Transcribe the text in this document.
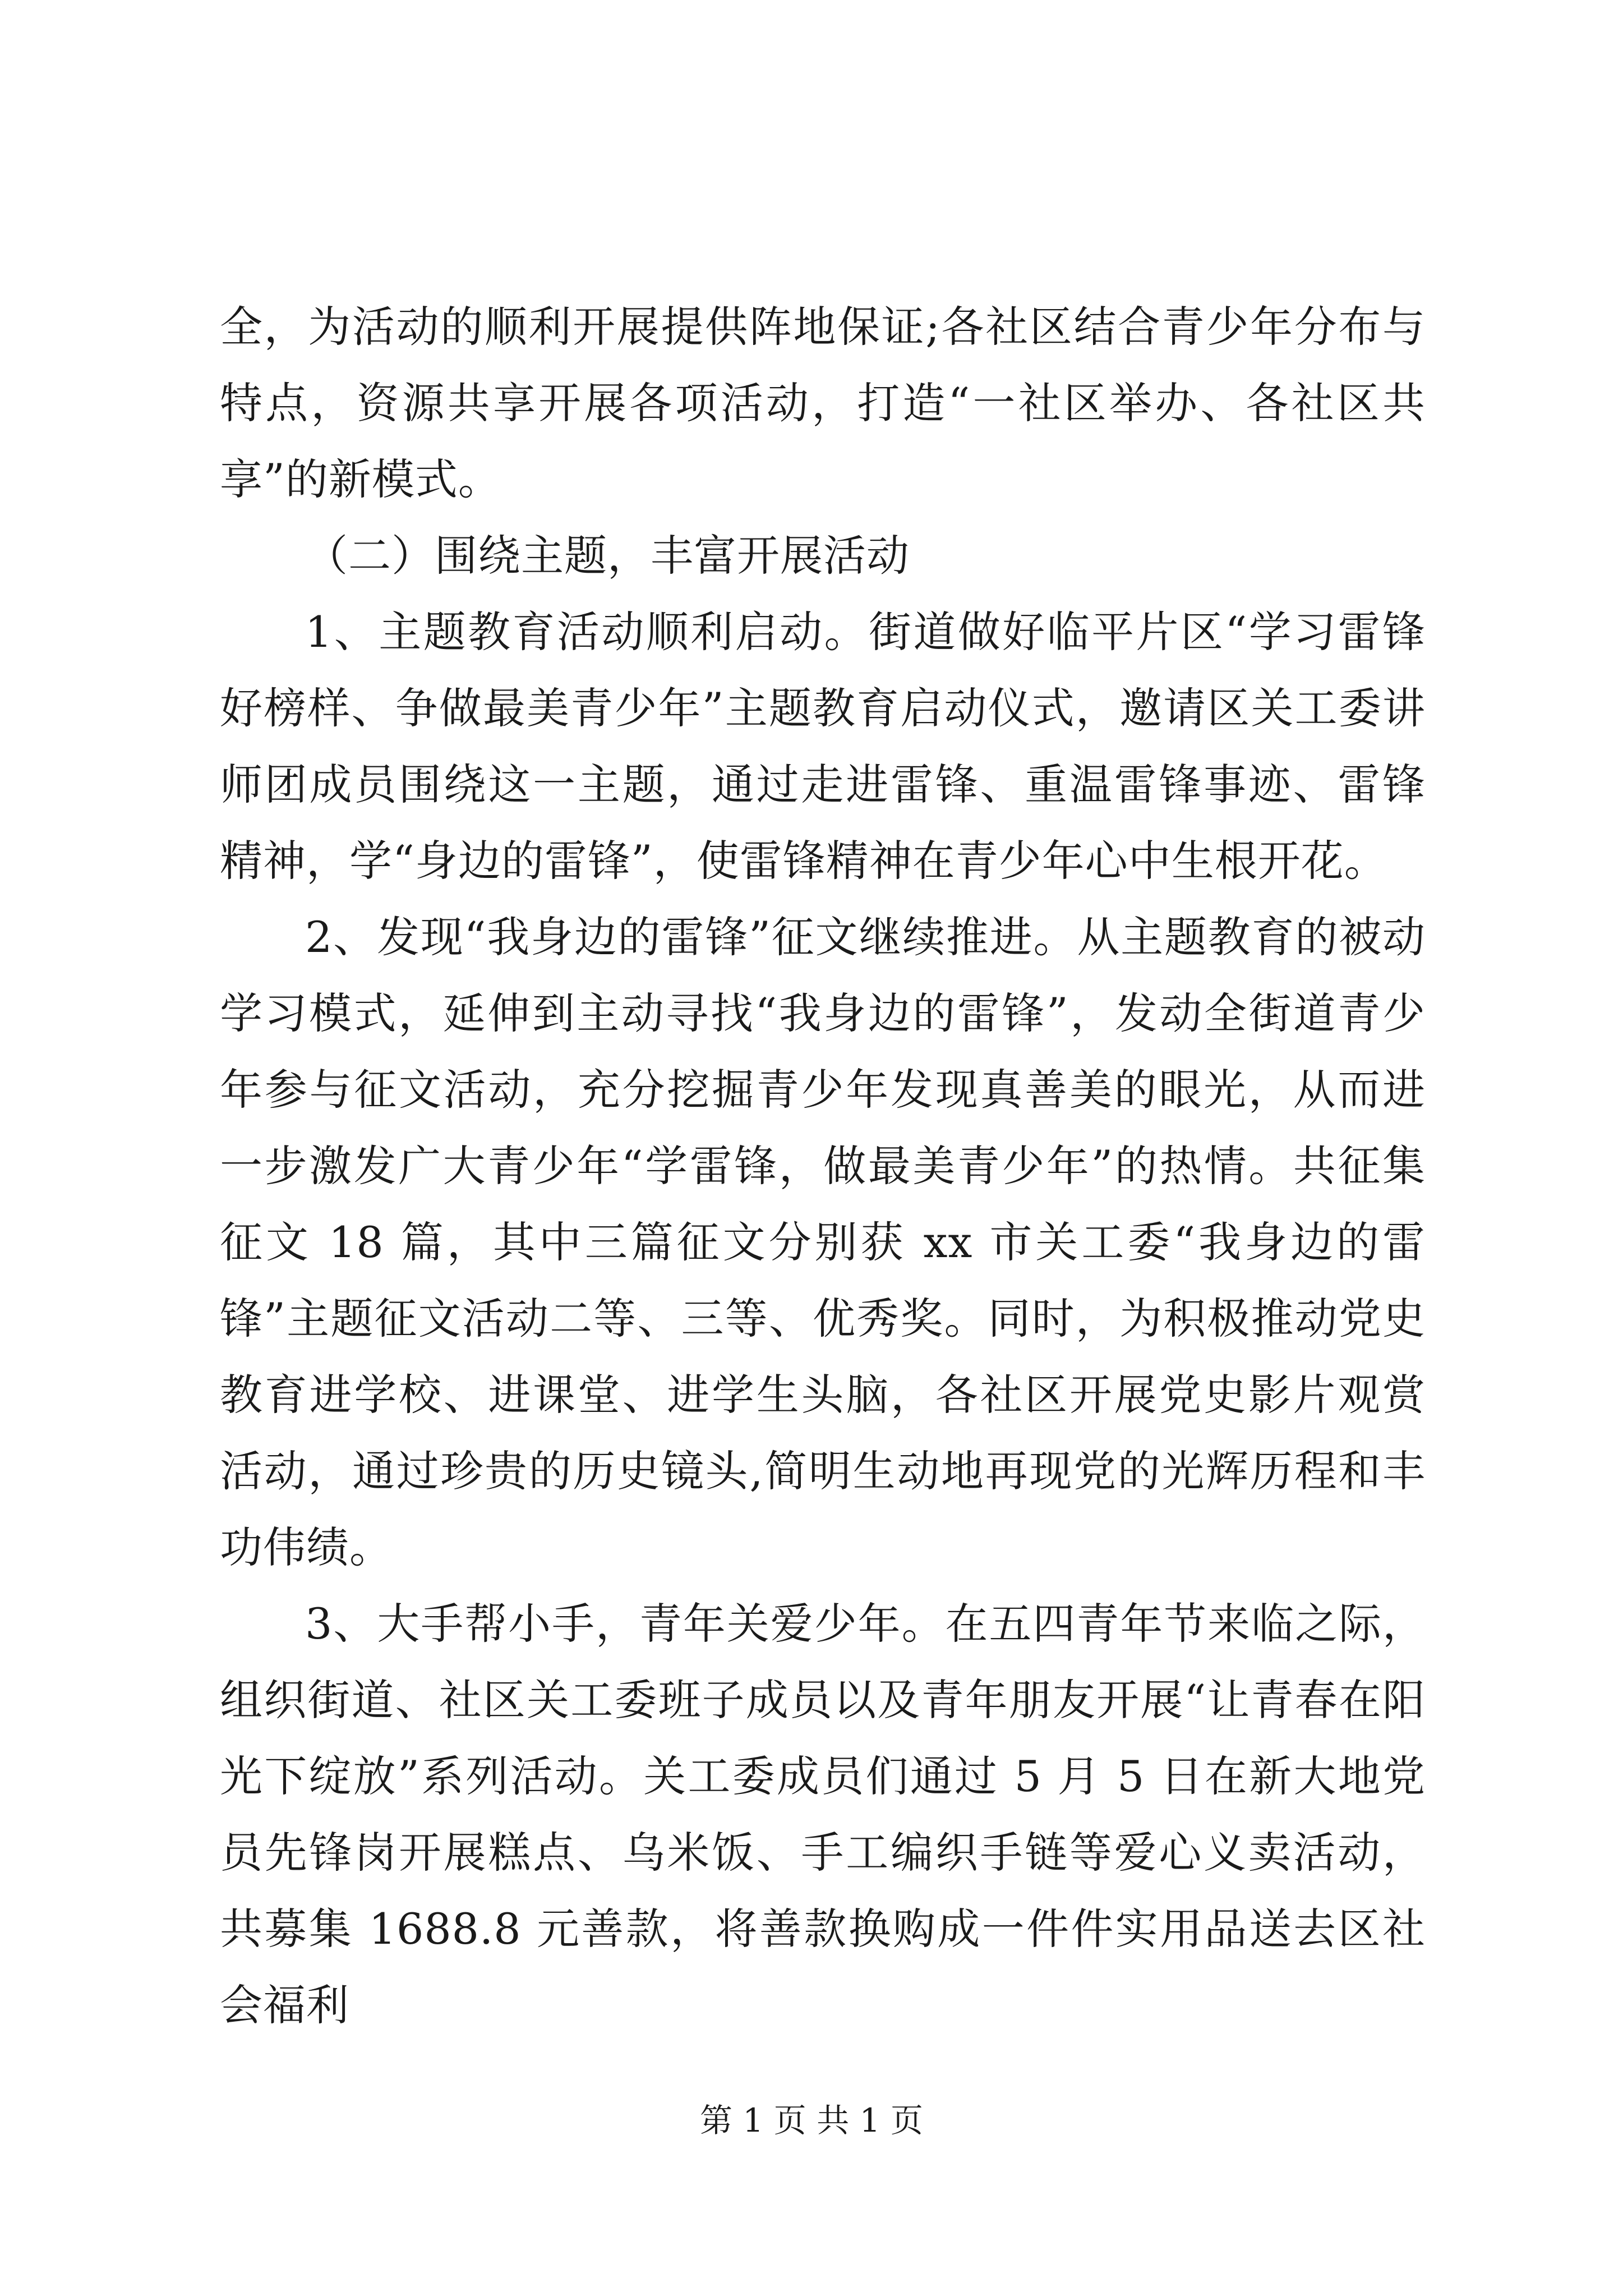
全，为活动的顺利开展提供阵地保证;各社区结合青少年分布与特点，资源共享开展各项活动，打造“一社区举办、各社区共享”的新模式。

（二）围绕主题，丰富开展活动

1、主题教育活动顺利启动。街道做好临平片区“学习雷锋好榜样、争做最美青少年”主题教育启动仪式，邀请区关工委讲师团成员围绕这一主题，通过走进雷锋、重温雷锋事迹、雷锋精神，学“身边的雷锋”，使雷锋精神在青少年心中生根开花。

2、发现“我身边的雷锋”征文继续推进。从主题教育的被动学习模式，延伸到主动寻找“我身边的雷锋”，发动全街道青少年参与征文活动，充分挖掘青少年发现真善美的眼光，从而进一步激发广大青少年“学雷锋，做最美青少年”的热情。共征集征文 18 篇，其中三篇征文分别获 xx 市关工委“我身边的雷锋”主题征文活动二等、三等、优秀奖。同时，为积极推动党史教育进学校、进课堂、进学生头脑，各社区开展党史影片观赏活动，通过珍贵的历史镜头,简明生动地再现党的光辉历程和丰功伟绩。

3、大手帮小手，青年关爱少年。在五四青年节来临之际，组织街道、社区关工委班子成员以及青年朋友开展“让青春在阳光下绽放”系列活动。关工委成员们通过 5 月 5 日在新大地党员先锋岗开展糕点、乌米饭、手工编织手链等爱心义卖活动，共募集 1688.8 元善款，将善款换购成一件件实用品送去区社会福利

第 1 页 共 1 页
